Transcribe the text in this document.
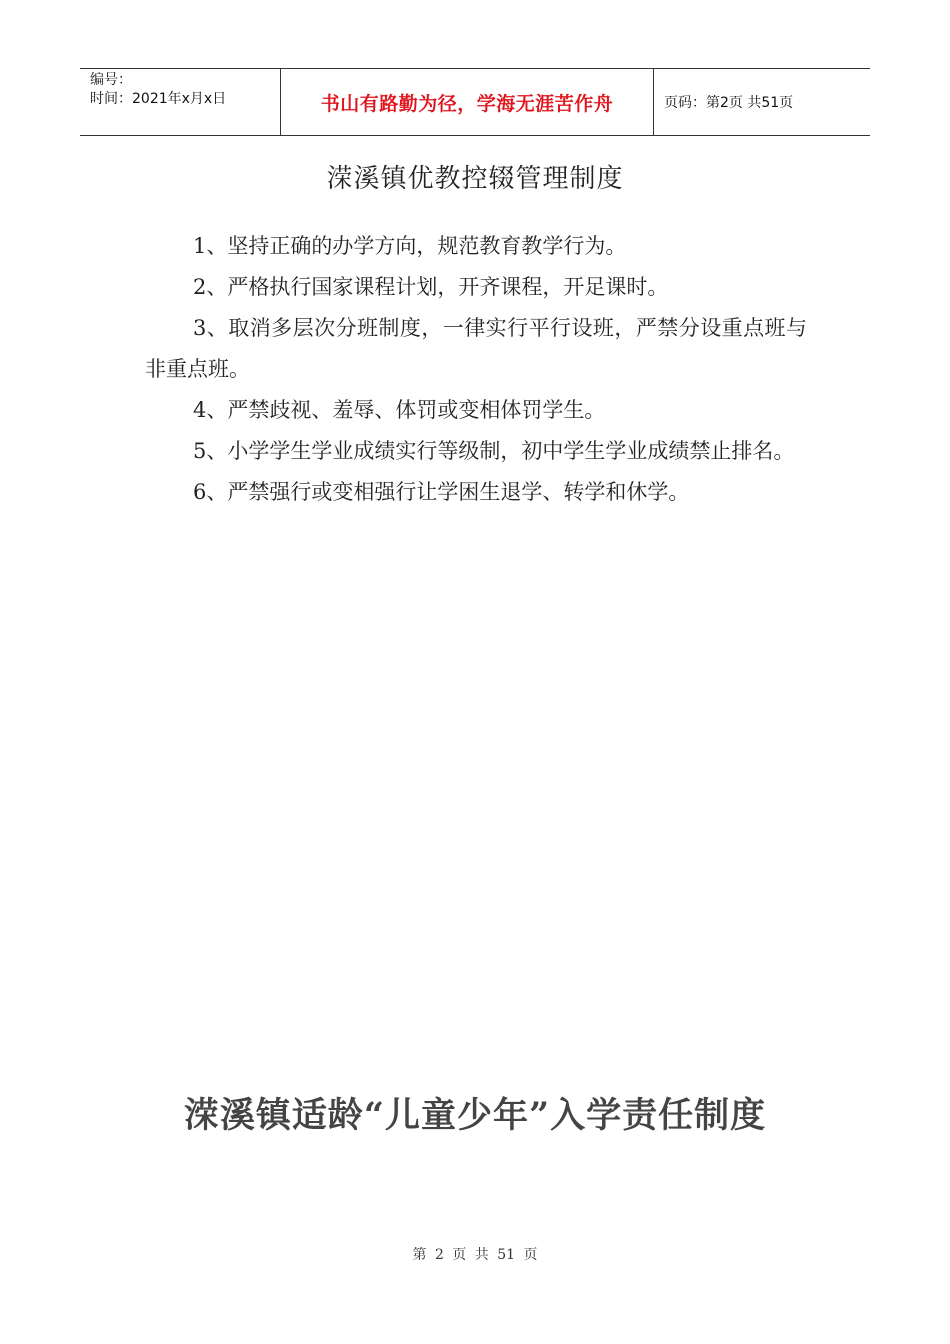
编号：
时间：2021年x月x日	书山有路勤为径，学海无涯苦作舟	页码：第2页 共51页
溁溪镇优教控辍管理制度

1、坚持正确的办学方向，规范教育教学行为。

2、严格执行国家课程计划，开齐课程，开足课时。

3、取消多层次分班制度，一律实行平行设班，严禁分设重点班与非重点班。

4、严禁歧视、羞辱、体罚或变相体罚学生。

5、小学学生学业成绩实行等级制，初中学生学业成绩禁止排名。

6、严禁强行或变相强行让学困生退学、转学和休学。

溁溪镇适龄“儿童少年”入学责任制度
第 2 页 共 51 页
